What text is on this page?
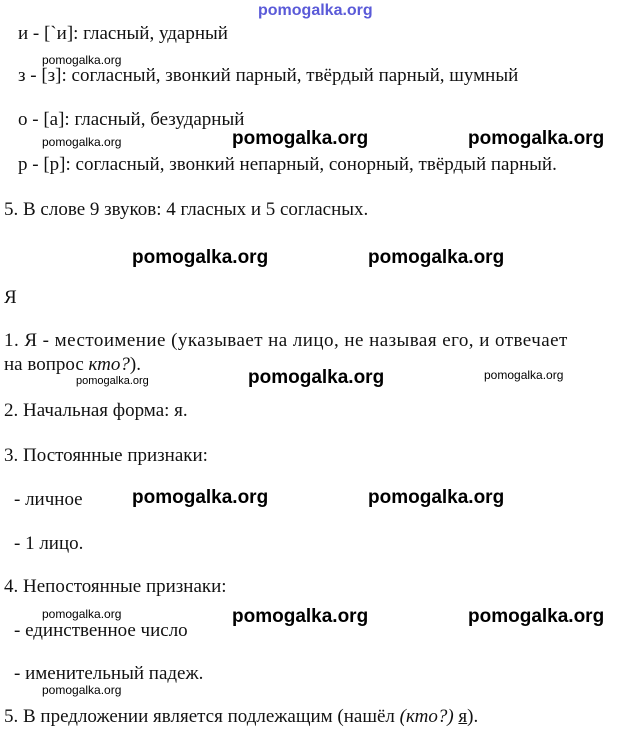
pomogalka.org
и - [`и]: гласный, ударный
з - [з]: согласный, звонкий парный, твёрдый парный, шумный
pomogalka.org
о - [а]: гласный, безударный
pomogalka.org	pomogalka.org	pomogalka.org
р - [р]: согласный, звонкий непарный, сонорный, твёрдый парный.
5. В слове 9 звуков: 4 гласных и 5 согласных.
pomogalka.org	pomogalka.org
Я
1. Я - местоимение (указывает на лицо, не называя его, и отвечает
на вопрос кто?).
pomogalka.org	pomogalka.org	pomogalka.org
2. Начальная форма: я.
3. Постоянные признаки:
- личное	pomogalka.org	pomogalka.org
- 1 лицо.
4. Непостоянные признаки:
pomogalka.org	pomogalka.org	pomogalka.org
- единственное число
- именительный падеж.
pomogalka.org
5. В предложении является подлежащим (нашёл (кто?) я).
